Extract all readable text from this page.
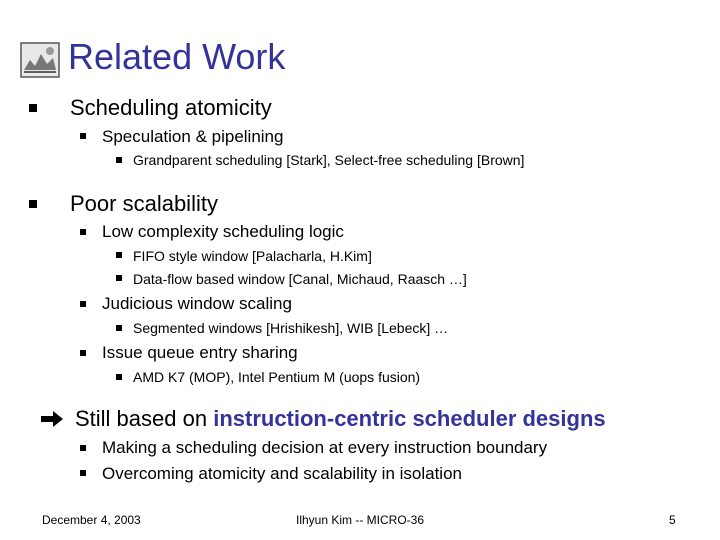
Related Work
Scheduling atomicity
Speculation & pipelining
Grandparent scheduling [Stark], Select-free scheduling [Brown]
Poor scalability
Low complexity scheduling logic
FIFO style window [Palacharla, H.Kim]
Data-flow based window [Canal, Michaud, Raasch …]
Judicious window scaling
Segmented windows [Hrishikesh], WIB [Lebeck] …
Issue queue entry sharing
AMD K7 (MOP), Intel Pentium M (uops fusion)
Still based on instruction-centric scheduler designs
Making a scheduling decision at every instruction boundary
Overcoming atomicity and scalability in isolation
December 4, 2003	Ilhyun Kim -- MICRO-36	5
